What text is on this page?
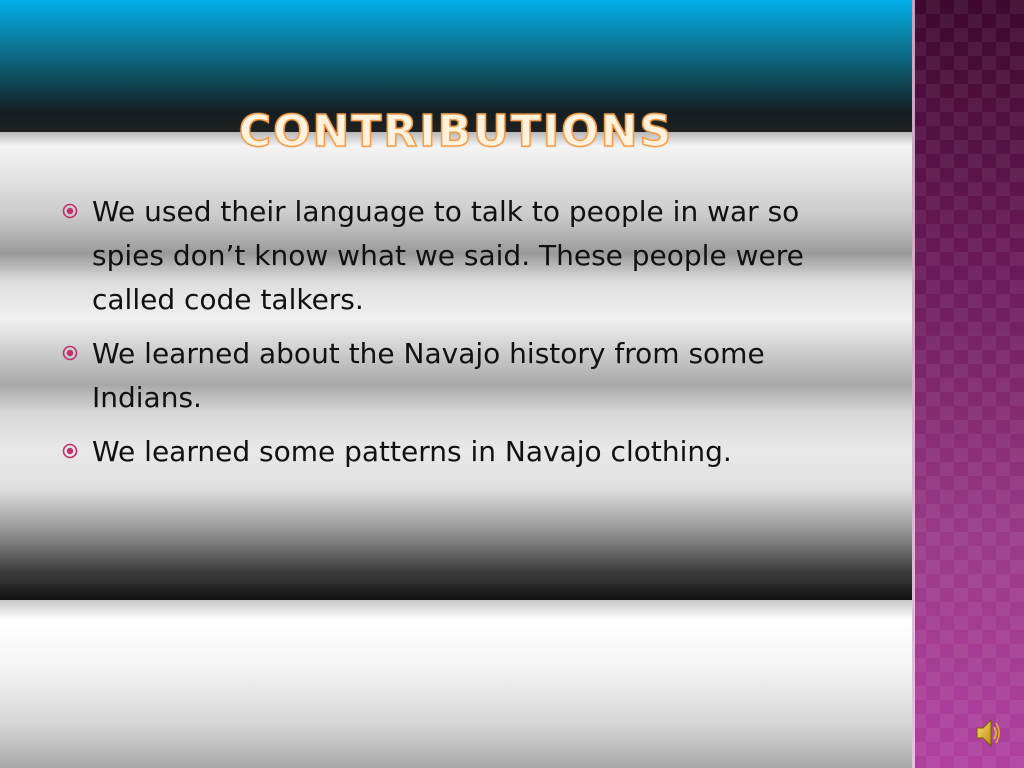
CONTRIBUTIONS
We used their language to talk to people in war so spies don’t know what we said. These people were called code talkers.
We learned about the Navajo history from some Indians.
We learned some patterns in Navajo clothing.
